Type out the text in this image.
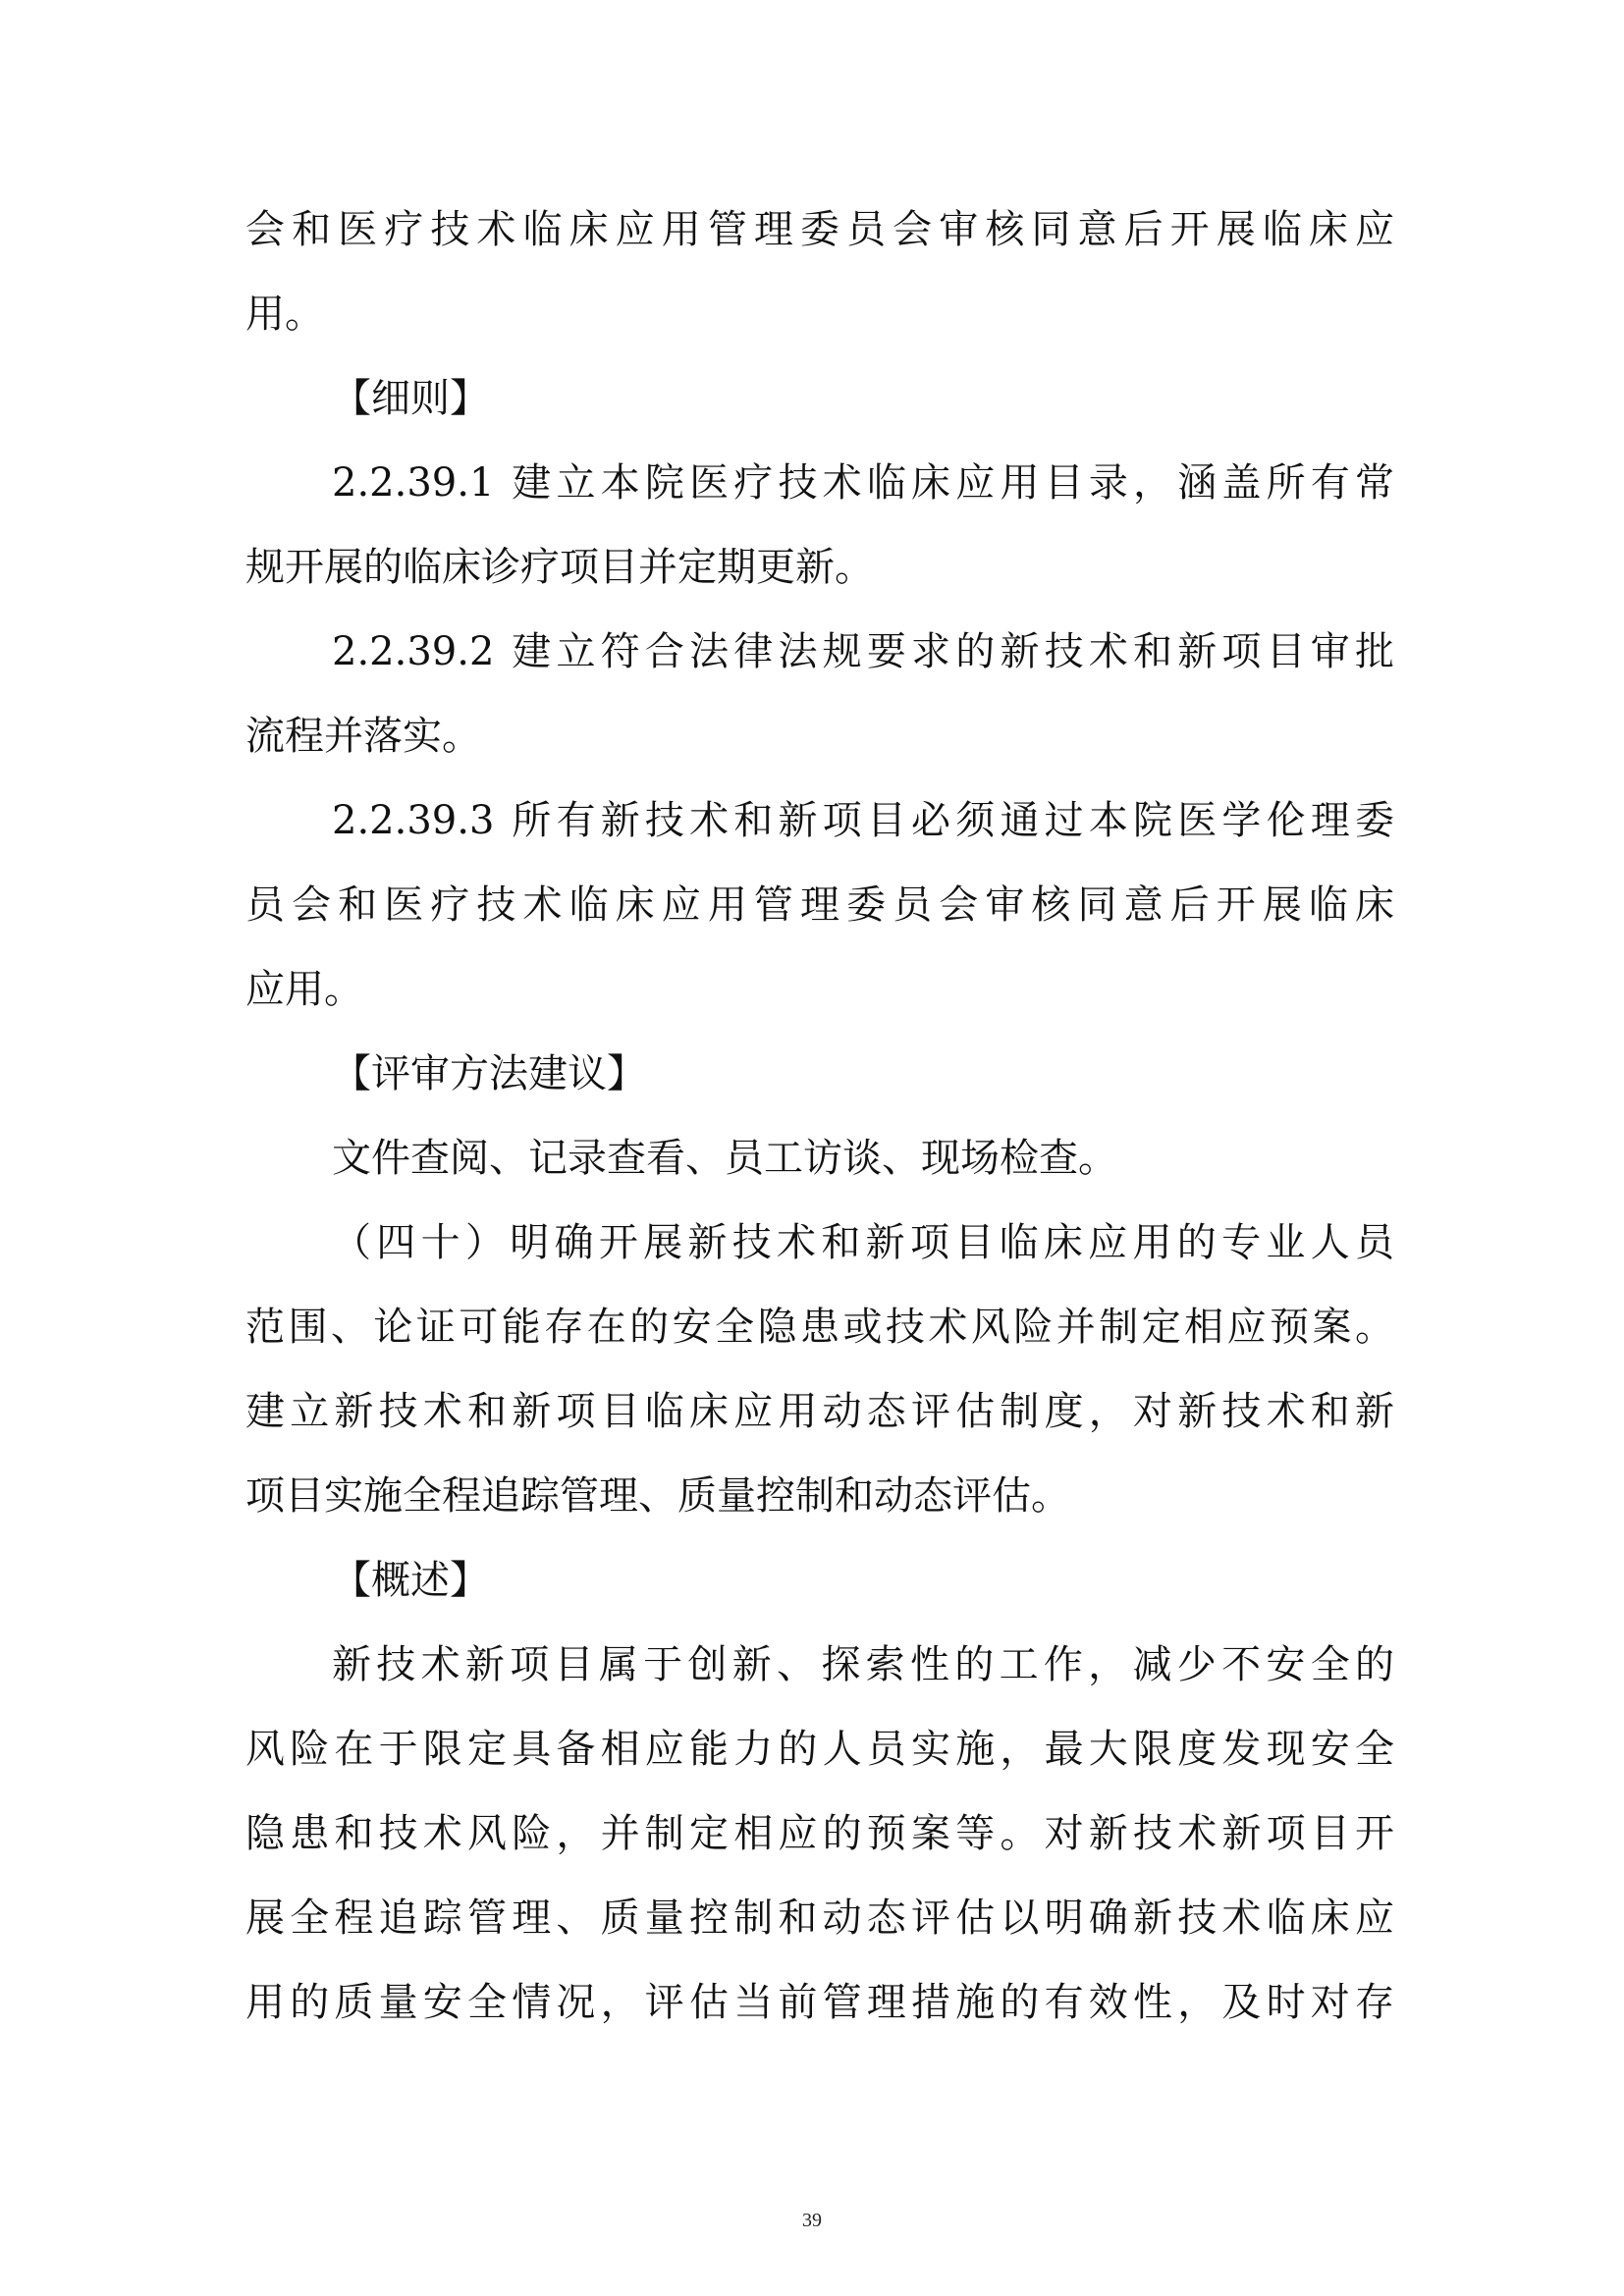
会和医疗技术临床应用管理委员会审核同意后开展临床应
用。
【细则】
2.2.39.1 建立本院医疗技术临床应用目录，涵盖所有常
规开展的临床诊疗项目并定期更新。
2.2.39.2 建立符合法律法规要求的新技术和新项目审批
流程并落实。
2.2.39.3 所有新技术和新项目必须通过本院医学伦理委
员会和医疗技术临床应用管理委员会审核同意后开展临床
应用。
【评审方法建议】
文件查阅、记录查看、员工访谈、现场检查。
（四十）明确开展新技术和新项目临床应用的专业人员
范围、论证可能存在的安全隐患或技术风险并制定相应预案。
建立新技术和新项目临床应用动态评估制度，对新技术和新
项目实施全程追踪管理、质量控制和动态评估。
【概述】
新技术新项目属于创新、探索性的工作，减少不安全的
风险在于限定具备相应能力的人员实施，最大限度发现安全
隐患和技术风险，并制定相应的预案等。对新技术新项目开
展全程追踪管理、质量控制和动态评估以明确新技术临床应
用的质量安全情况，评估当前管理措施的有效性，及时对存
39
